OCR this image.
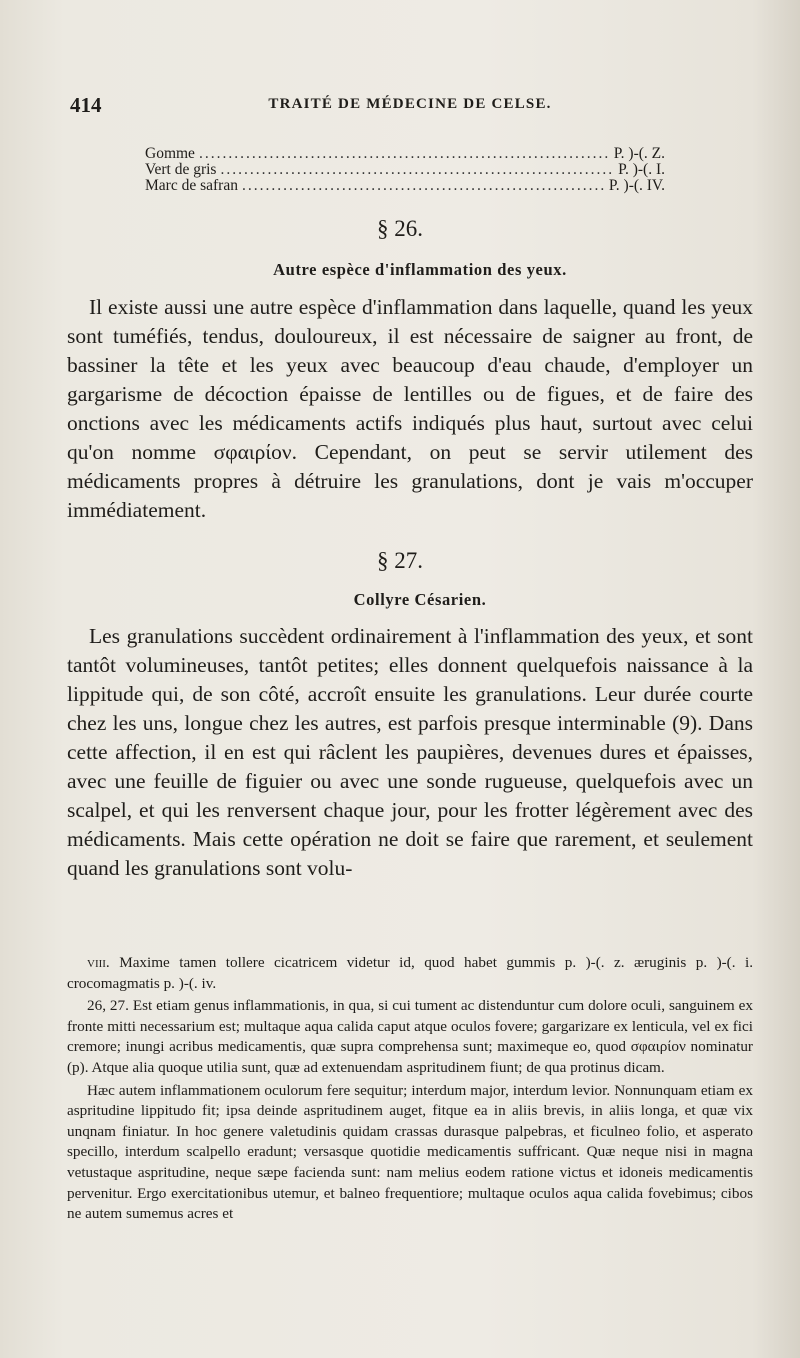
414	TRAITÉ DE MÉDECINE DE CELSE.
Gomme .....	P. )-(. Z.
Vert de gris .....	P. )-(. I.
Marc de safran .....	P. )-(. IV.
§ 26.
Autre espèce d'inflammation des yeux.

Il existe aussi une autre espèce d'inflammation dans laquelle, quand les yeux sont tuméfiés, tendus, douloureux, il est nécessaire de saigner au front, de bassiner la tête et les yeux avec beaucoup d'eau chaude, d'employer un gargarisme de décoction épaisse de lentilles ou de figues, et de faire des onctions avec les médicaments actifs indiqués plus haut, surtout avec celui qu'on nomme σφαιρίον. Cependant, on peut se servir utilement des médicaments propres à détruire les granulations, dont je vais m'occuper immédiatement.

§ 27.
Collyre Césarien.

Les granulations succèdent ordinairement à l'inflammation des yeux, et sont tantôt volumineuses, tantôt petites; elles donnent quelquefois naissance à la lippitude qui, de son côté, accroît ensuite les granulations. Leur durée courte chez les uns, longue chez les autres, est parfois presque interminable (9). Dans cette affection, il en est qui râclent les paupières, devenues dures et épaisses, avec une feuille de figuier ou avec une sonde rugueuse, quelquefois avec un scalpel, et qui les renversent chaque jour, pour les frotter légèrement avec des médicaments. Mais cette opération ne doit se faire que rarement, et seulement quand les granulations sont volu-

viii. Maxime tamen tollere cicatricem videtur id, quod habet gummis p. )-(. z. æruginis p. )-(. i. crocomagmatis p. )-(. iv.

26, 27. Est etiam genus inflammationis, in qua, si cui tument ac distenduntur cum dolore oculi, sanguinem ex fronte mitti necessarium est; multaque aqua calida caput atque oculos fovere; gargarizare ex lenticula, vel ex fici cremore; inungi acribus medicamentis, quæ supra comprehensa sunt; maximeque eo, quod σφαιρίον nominatur (p). Atque alia quoque utilia sunt, quæ ad extenuendam aspritudinem fiunt; de qua protinus dicam.

Hæc autem inflammationem oculorum fere sequitur; interdum major, interdum levior. Nonnunquam etiam ex aspritudine lippitudo fit; ipsa deinde aspritudinem auget, fitque ea in aliis brevis, in aliis longa, et quæ vix unqnam finiatur. In hoc genere valetudinis quidam crassas durasque palpebras, et ficulneo folio, et asperato specillo, interdum scalpello eradunt; versasque quotidie medicamentis suffricant. Quæ neque nisi in magna vetustaque aspritudine, neque sæpe facienda sunt: nam melius eodem ratione victus et idoneis medicamentis pervenitur. Ergo exercitationibus utemur, et balneo frequentiore; multaque oculos aqua calida fovebimus; cibos ne autem sumemus acres et
